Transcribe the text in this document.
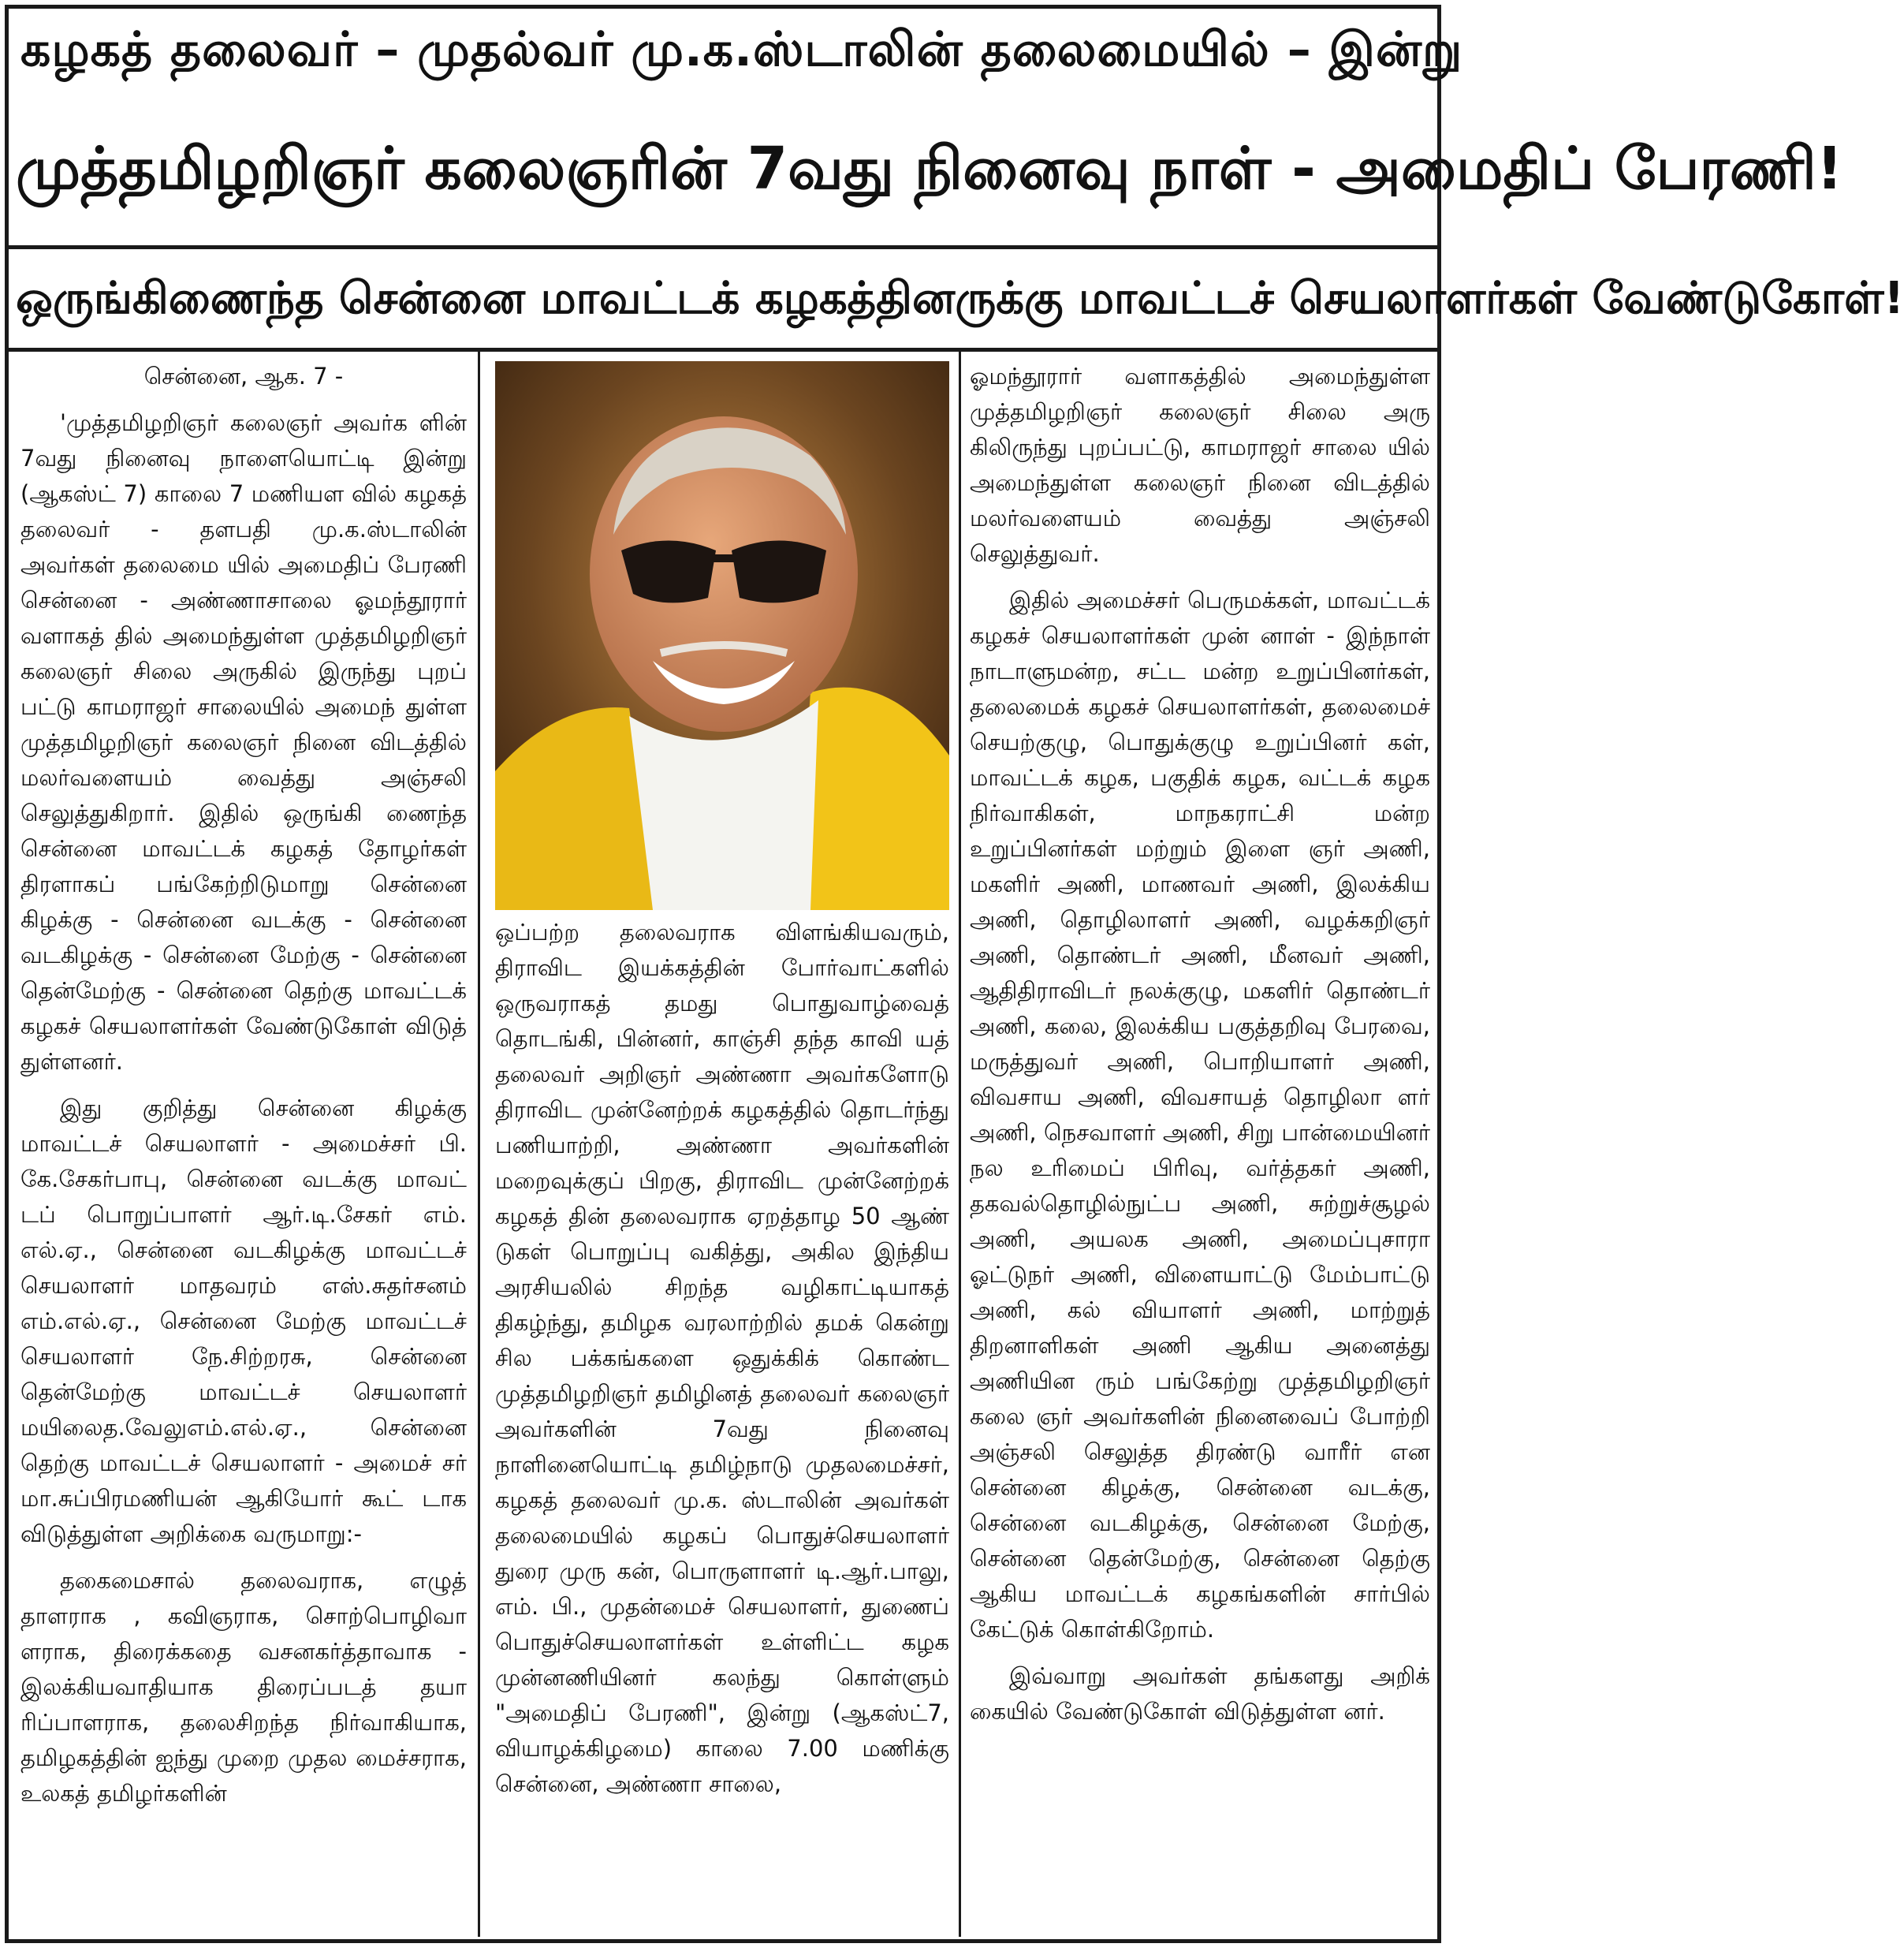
கழகத் தலைவர் – முதல்வர் மு.க.ஸ்டாலின் தலைமையில் – இன்று
முத்தமிழறிஞர் கலைஞரின் 7வது நினைவு நாள் - அமைதிப் பேரணி!
ஒருங்கிணைந்த சென்னை மாவட்டக் கழகத்தினருக்கு மாவட்டச் செயலாளர்கள் வேண்டுகோள்!

சென்னை, ஆக. 7 -

'முத்தமிழறிஞர் கலைஞர் அவர்க ளின் 7வது நினைவு நாளையொட்டி இன்று (ஆகஸ்ட் 7) காலை 7 மணியள வில் கழகத் தலைவர் - தளபதி மு.க.ஸ்டாலின் அவர்கள் தலைமை யில் அமைதிப் பேரணி சென்னை - அண்ணாசாலை ஓமந்தூரார் வளாகத் தில் அமைந்துள்ள முத்தமிழறிஞர் கலைஞர் சிலை அருகில் இருந்து புறப் பட்டு காமராஜர் சாலையில் அமைந் துள்ள முத்தமிழறிஞர் கலைஞர் நினை விடத்தில் மலர்வளையம் வைத்து அஞ்சலி செலுத்துகிறார். இதில் ஒருங்கி ணைந்த சென்னை மாவட்டக் கழகத் தோழர்கள் திரளாகப் பங்கேற்றிடுமாறு சென்னை கிழக்கு - சென்னை வடக்கு - சென்னை வடகிழக்கு - சென்னை மேற்கு - சென்னை தென்மேற்கு - சென்னை தெற்கு மாவட்டக் கழகச் செயலாளர்கள் வேண்டுகோள் விடுத் துள்ளனர்.

இது குறித்து சென்னை கிழக்கு மாவட்டச் செயலாளர் - அமைச்சர் பி. கே.சேகர்பாபு, சென்னை வடக்கு மாவட் டப் பொறுப்பாளர் ஆர்.டி.சேகர் எம். எல்.ஏ., சென்னை வடகிழக்கு மாவட்டச் செயலாளர் மாதவரம் எஸ்.சுதர்சனம் எம்.எல்.ஏ., சென்னை மேற்கு மாவட்டச் செயலாளர் நே.சிற்றரசு, சென்னை தென்மேற்கு மாவட்டச் செயலாளர் மயிலைத.வேலுஎம்.எல்.ஏ., சென்னை தெற்கு மாவட்டச் செயலாளர் - அமைச் சர் மா.சுப்பிரமணியன் ஆகியோர் கூட் டாக விடுத்துள்ள அறிக்கை வருமாறு:-

தகைமைசால் தலைவராக, எழுத் தாளராக , கவிஞராக, சொற்பொழிவா ளராக, திரைக்கதை வசனகர்த்தாவாக - இலக்கியவாதியாக திரைப்படத் தயா ரிப்பாளராக, தலைசிறந்த நிர்வாகியாக, தமிழகத்தின் ஐந்து முறை முதல மைச்சராக, உலகத் தமிழர்களின்

ஒப்பற்ற தலைவராக விளங்கியவரும், திராவிட இயக்கத்தின் போர்வாட்களில் ஒருவராகத் தமது பொதுவாழ்வைத் தொடங்கி, பின்னர், காஞ்சி தந்த காவி யத் தலைவர் அறிஞர் அண்ணா அவர்களோடு திராவிட முன்னேற்றக் கழகத்தில் தொடர்ந்து பணியாற்றி, அண்ணா அவர்களின் மறைவுக்குப் பிறகு, திராவிட முன்னேற்றக் கழகத் தின் தலைவராக ஏறத்தாழ 50 ஆண் டுகள் பொறுப்பு வகித்து, அகில இந்திய அரசியலில் சிறந்த வழிகாட்டியாகத் திகழ்ந்து, தமிழக வரலாற்றில் தமக் கென்று சில பக்கங்களை ஒதுக்கிக் கொண்ட முத்தமிழறிஞர் தமிழினத் தலைவர் கலைஞர் அவர்களின் 7வது நினைவு நாளினையொட்டி தமிழ்நாடு முதலமைச்சர், கழகத் தலைவர் மு.க. ஸ்டாலின் அவர்கள் தலைமையில் கழகப் பொதுச்செயலாளர் துரை முரு கன், பொருளாளர் டி.ஆர்.பாலு, எம். பி., முதன்மைச் செயலாளர், துணைப் பொதுச்செயலாளர்கள் உள்ளிட்ட கழக முன்னணியினர் கலந்து கொள்ளும் "அமைதிப் பேரணி", இன்று (ஆகஸ்ட்7, வியாழக்கிழமை) காலை 7.00 மணிக்கு சென்னை, அண்ணா சாலை,

ஓமந்தூரார் வளாகத்தில் அமைந்துள்ள முத்தமிழறிஞர் கலைஞர் சிலை அரு கிலிருந்து புறப்பட்டு, காமராஜர் சாலை யில் அமைந்துள்ள கலைஞர் நினை விடத்தில் மலர்வளையம் வைத்து அஞ்சலி செலுத்துவர்.

இதில் அமைச்சர் பெருமக்கள், மாவட்டக் கழகச் செயலாளர்கள் முன் னாள் - இந்நாள் நாடாளுமன்ற, சட்ட மன்ற உறுப்பினர்கள், தலைமைக் கழகச் செயலாளர்கள், தலைமைச் செயற்குழு, பொதுக்குழு உறுப்பினர் கள், மாவட்டக் கழக, பகுதிக் கழக, வட்டக் கழக நிர்வாகிகள், மாநகராட்சி மன்ற உறுப்பினர்கள் மற்றும் இளை ஞர் அணி, மகளிர் அணி, மாணவர் அணி, இலக்கிய அணி, தொழிலாளர் அணி, வழக்கறிஞர் அணி, தொண்டர் அணி, மீனவர் அணி, ஆதிதிராவிடர் நலக்குழு, மகளிர் தொண்டர் அணி, கலை, இலக்கிய பகுத்தறிவு பேரவை, மருத்துவர் அணி, பொறியாளர் அணி, விவசாய அணி, விவசாயத் தொழிலா ளர் அணி, நெசவாளர் அணி, சிறு பான்மையினர் நல உரிமைப் பிரிவு, வர்த்தகர் அணி, தகவல்தொழில்நுட்ப அணி, சுற்றுச்சூழல் அணி, அயலக அணி, அமைப்புசாரா ஓட்டுநர் அணி, விளையாட்டு மேம்பாட்டு அணி, கல் வியாளர் அணி, மாற்றுத் திறனாளிகள் அணி ஆகிய அனைத்து அணியின ரும் பங்கேற்று முத்தமிழறிஞர் கலை ஞர் அவர்களின் நினைவைப் போற்றி அஞ்சலி செலுத்த திரண்டு வாரீர் என சென்னை கிழக்கு, சென்னை வடக்கு, சென்னை வடகிழக்கு, சென்னை மேற்கு, சென்னை தென்மேற்கு, சென்னை தெற்கு ஆகிய மாவட்டக் கழகங்களின் சார்பில் கேட்டுக் கொள்கிறோம்.

இவ்வாறு அவர்கள் தங்களது அறிக் கையில் வேண்டுகோள் விடுத்துள்ள னர்.
